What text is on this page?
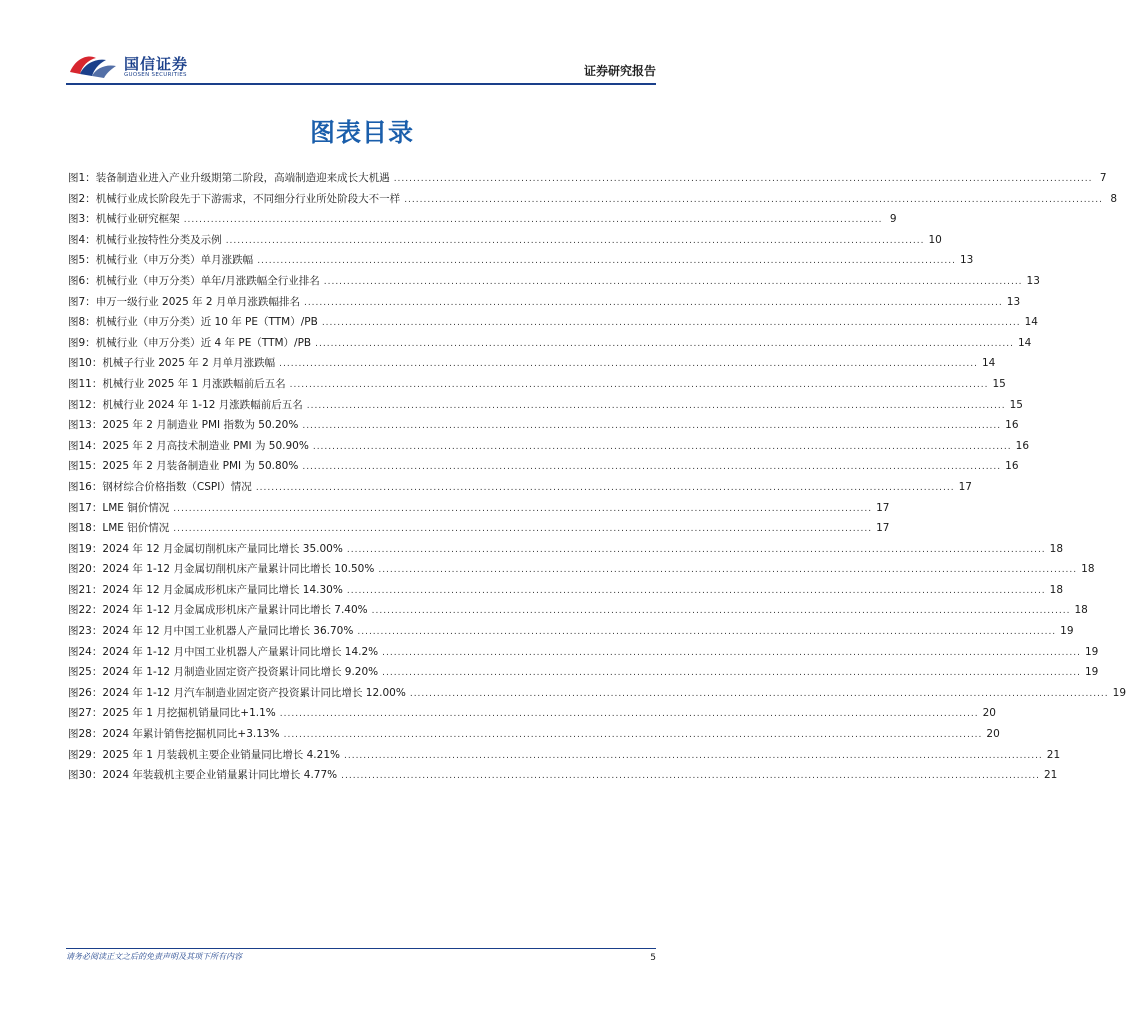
国信证券
GUOSEN SECURITIES	证券研究报告
图表目录
图1： 装备制造业进入产业升级期第二阶段，高端制造迎来成长大机遇 .....	7
图2： 机械行业成长阶段先于下游需求，不同细分行业所处阶段大不一样 .....	8
图3： 机械行业研究框架 .....	9
图4： 机械行业按特性分类及示例 .....	10
图5： 机械行业（申万分类）单月涨跌幅 .....	13
图6： 机械行业（申万分类）单年/月涨跌幅全行业排名 .....	13
图7： 申万一级行业 2025 年 2 月单月涨跌幅排名 .....	13
图8： 机械行业（申万分类）近 10 年 PE（TTM）/PB .....	14
图9： 机械行业（申万分类）近 4 年 PE（TTM）/PB .....	14
图10： 机械子行业 2025 年 2 月单月涨跌幅 .....	14
图11： 机械行业 2025 年 1 月涨跌幅前后五名 .....	15
图12： 机械行业 2024 年 1-12 月涨跌幅前后五名 .....	15
图13： 2025 年 2 月制造业 PMI 指数为 50.20% .....	16
图14： 2025 年 2 月高技术制造业 PMI 为 50.90% .....	16
图15： 2025 年 2 月装备制造业 PMI 为 50.80% .....	16
图16： 钢材综合价格指数（CSPI）情况 .....	17
图17： LME 铜价情况 .....	17
图18： LME 铝价情况 .....	17
图19： 2024 年 12 月金属切削机床产量同比增长 35.00% .....	18
图20： 2024 年 1-12 月金属切削机床产量累计同比增长 10.50% .....	18
图21： 2024 年 12 月金属成形机床产量同比增长 14.30% .....	18
图22： 2024 年 1-12 月金属成形机床产量累计同比增长 7.40% .....	18
图23： 2024 年 12 月中国工业机器人产量同比增长 36.70% .....	19
图24： 2024 年 1-12 月中国工业机器人产量累计同比增长 14.2% .....	19
图25： 2024 年 1-12 月制造业固定资产投资累计同比增长 9.20% .....	19
图26： 2024 年 1-12 月汽车制造业固定资产投资累计同比增长 12.00% .....	19
图27： 2025 年 1 月挖掘机销量同比+1.1% .....	20
图28： 2024 年累计销售挖掘机同比+3.13% .....	20
图29： 2025 年 1 月装载机主要企业销量同比增长 4.21% .....	21
图30： 2024 年装载机主要企业销量累计同比增长 4.77% .....	21
请务必阅读正文之后的免责声明及其项下所有内容	5
